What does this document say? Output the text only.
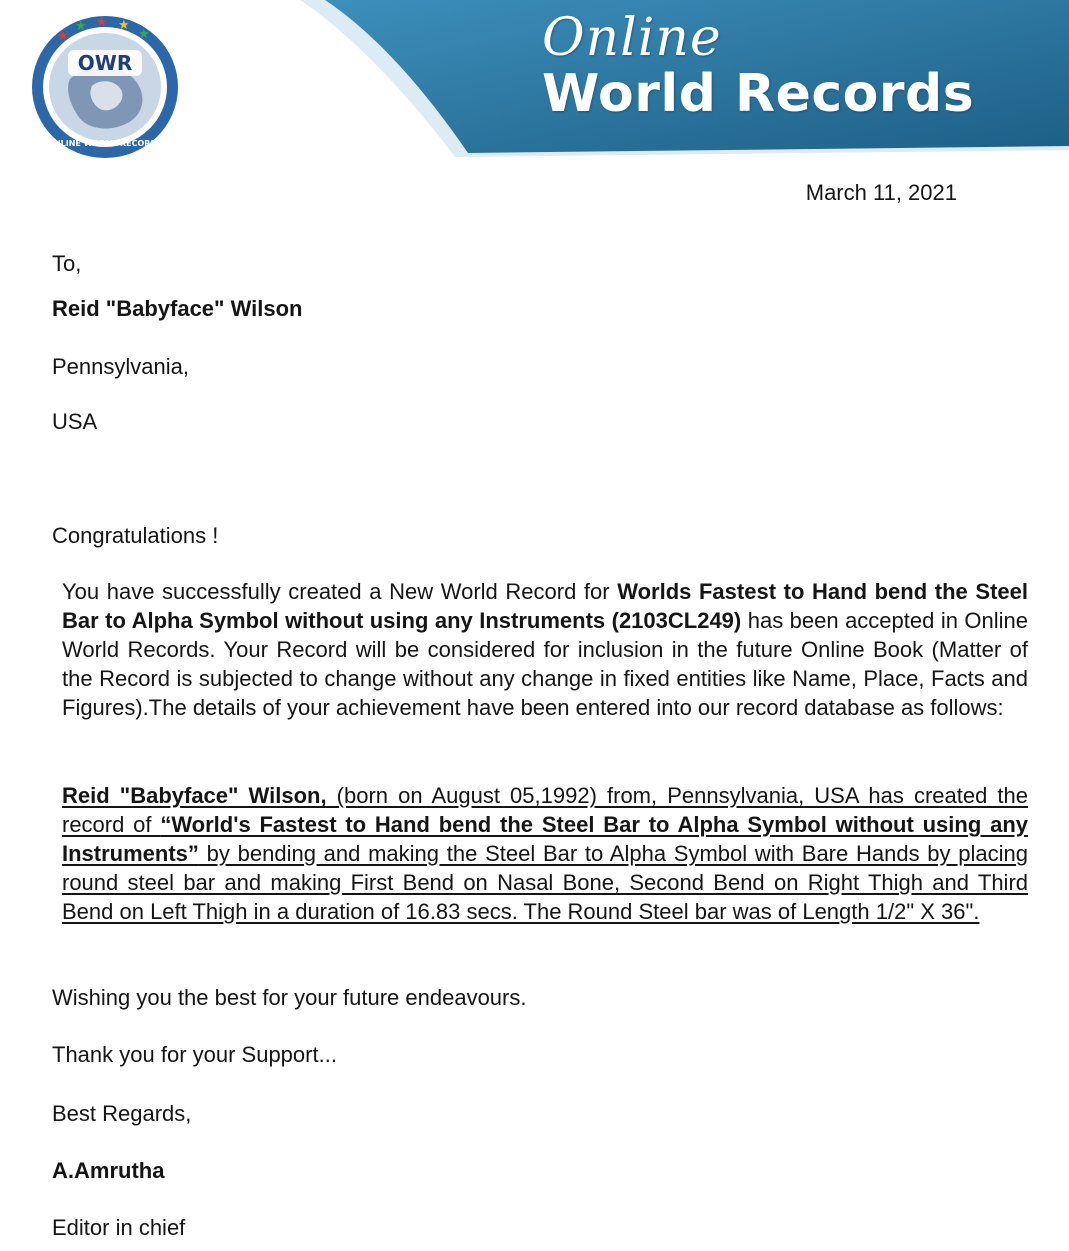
★
★ ★ ★
★
OWR
ONLINE WORLD RECORDS
Online
World Records
March 11, 2021

To,

Reid "Babyface" Wilson

Pennsylvania,

USA

Congratulations !

You have successfully created a New World Record for Worlds Fastest to Hand bend the Steel Bar to Alpha Symbol without using any Instruments (2103CL249) has been accepted in Online World Records. Your Record will be considered for inclusion in the future Online Book (Matter of the Record is subjected to change without any change in fixed entities like Name, Place, Facts and Figures).The details of your achievement have been entered into our record database as follows:

Reid "Babyface" Wilson, (born on August 05,1992) from, Pennsylvania, USA has created the record of “World's Fastest to Hand bend the Steel Bar to Alpha Symbol without using any Instruments” by bending and making the Steel Bar to Alpha Symbol with Bare Hands by placing round steel bar and making First Bend on Nasal Bone, Second Bend on Right Thigh and Third Bend on Left Thigh in a duration of 16.83 secs. The Round Steel bar was of Length 1/2" X 36".

Wishing you the best for your future endeavours.

Thank you for your Support...

Best Regards,

A.Amrutha

Editor in chief
